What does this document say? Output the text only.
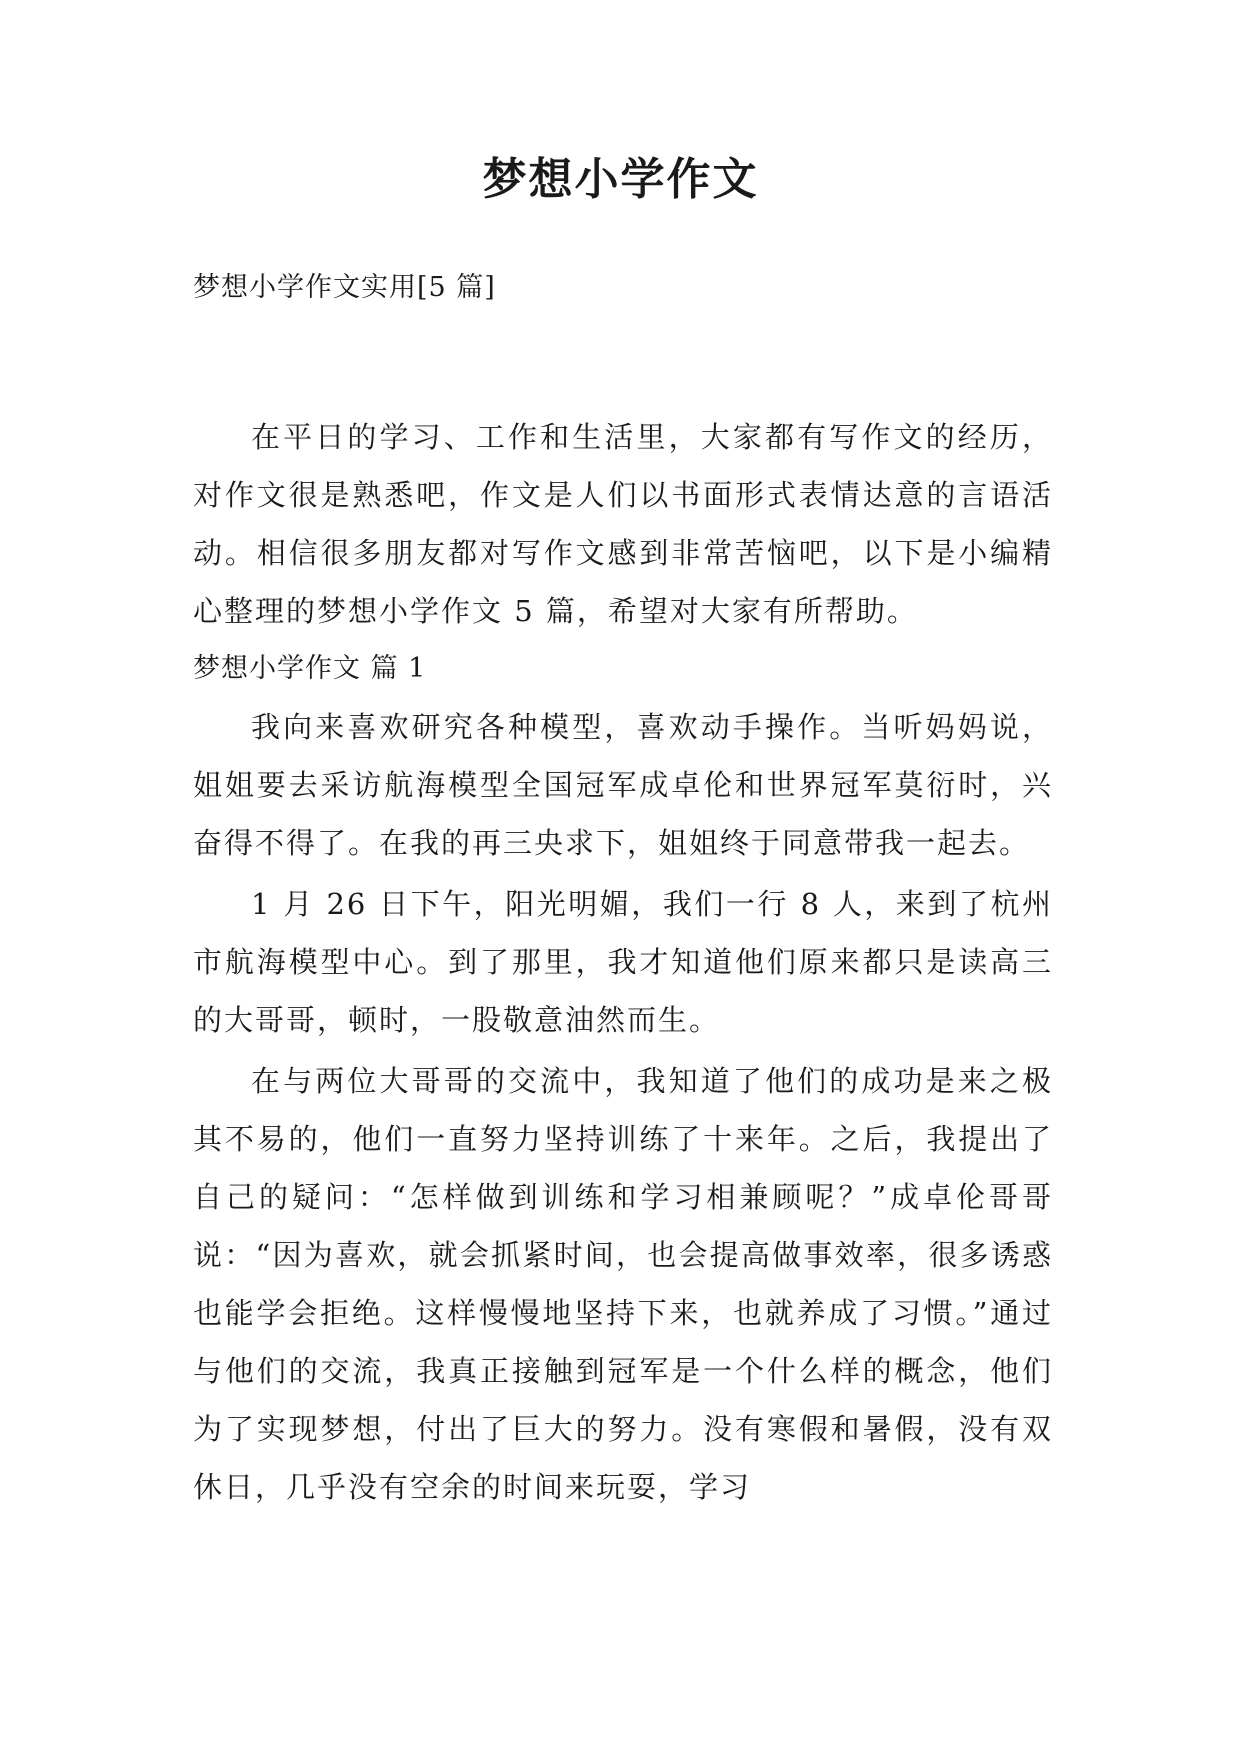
梦想小学作文

梦想小学作文实用[5 篇]

在平日的学习、工作和生活里，大家都有写作文的经历，对作文很是熟悉吧，作文是人们以书面形式表情达意的言语活动。相信很多朋友都对写作文感到非常苦恼吧，以下是小编精心整理的梦想小学作文 5 篇，希望对大家有所帮助。

梦想小学作文 篇 1

我向来喜欢研究各种模型，喜欢动手操作。当听妈妈说，姐姐要去采访航海模型全国冠军成卓伦和世界冠军莫衍时，兴奋得不得了。在我的再三央求下，姐姐终于同意带我一起去。

1 月 26 日下午，阳光明媚，我们一行 8 人，来到了杭州市航海模型中心。到了那里，我才知道他们原来都只是读高三的大哥哥，顿时，一股敬意油然而生。

在与两位大哥哥的交流中，我知道了他们的成功是来之极其不易的，他们一直努力坚持训练了十来年。之后，我提出了自己的疑问：“怎样做到训练和学习相兼顾呢？”成卓伦哥哥说：“因为喜欢，就会抓紧时间，也会提高做事效率，很多诱惑也能学会拒绝。这样慢慢地坚持下来，也就养成了习惯。”通过与他们的交流，我真正接触到冠军是一个什么样的概念，他们为了实现梦想，付出了巨大的努力。没有寒假和暑假，没有双休日，几乎没有空余的时间来玩耍，学习
